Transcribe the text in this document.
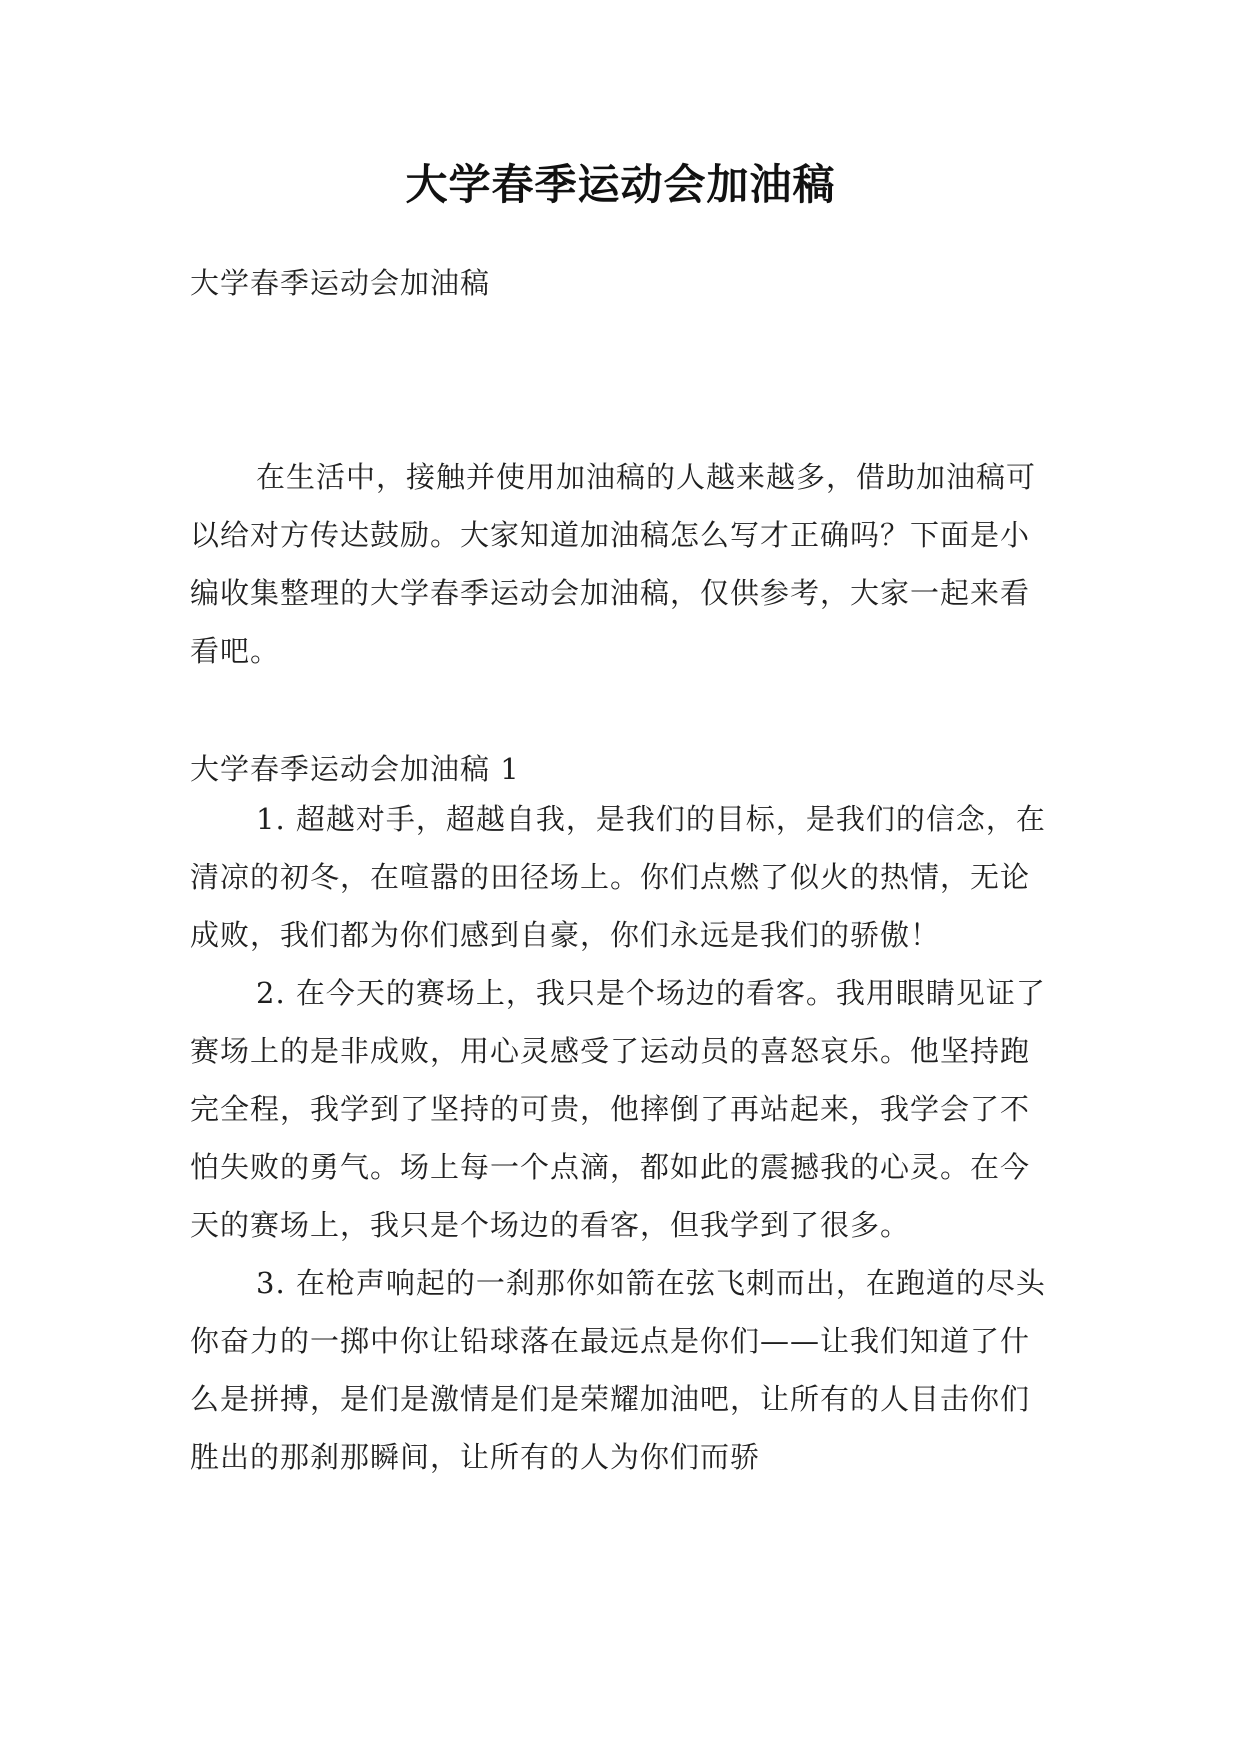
大学春季运动会加油稿
大学春季运动会加油稿
在生活中，接触并使用加油稿的人越来越多，借助加油稿可以给对方传达鼓励。大家知道加油稿怎么写才正确吗？下面是小编收集整理的大学春季运动会加油稿，仅供参考，大家一起来看看吧。
大学春季运动会加油稿 1

1. 超越对手，超越自我，是我们的目标，是我们的信念，在清凉的初冬，在喧嚣的田径场上。你们点燃了似火的热情，无论成败，我们都为你们感到自豪，你们永远是我们的骄傲！

2. 在今天的赛场上，我只是个场边的看客。我用眼睛见证了赛场上的是非成败，用心灵感受了运动员的喜怒哀乐。他坚持跑完全程，我学到了坚持的可贵，他摔倒了再站起来，我学会了不怕失败的勇气。场上每一个点滴，都如此的震撼我的心灵。在今天的赛场上，我只是个场边的看客，但我学到了很多。

3. 在枪声响起的一刹那你如箭在弦飞刺而出，在跑道的尽头你奋力的一掷中你让铅球落在最远点是你们——让我们知道了什么是拼搏，是们是激情是们是荣耀加油吧，让所有的人目击你们胜出的那刹那瞬间，让所有的人为你们而骄
